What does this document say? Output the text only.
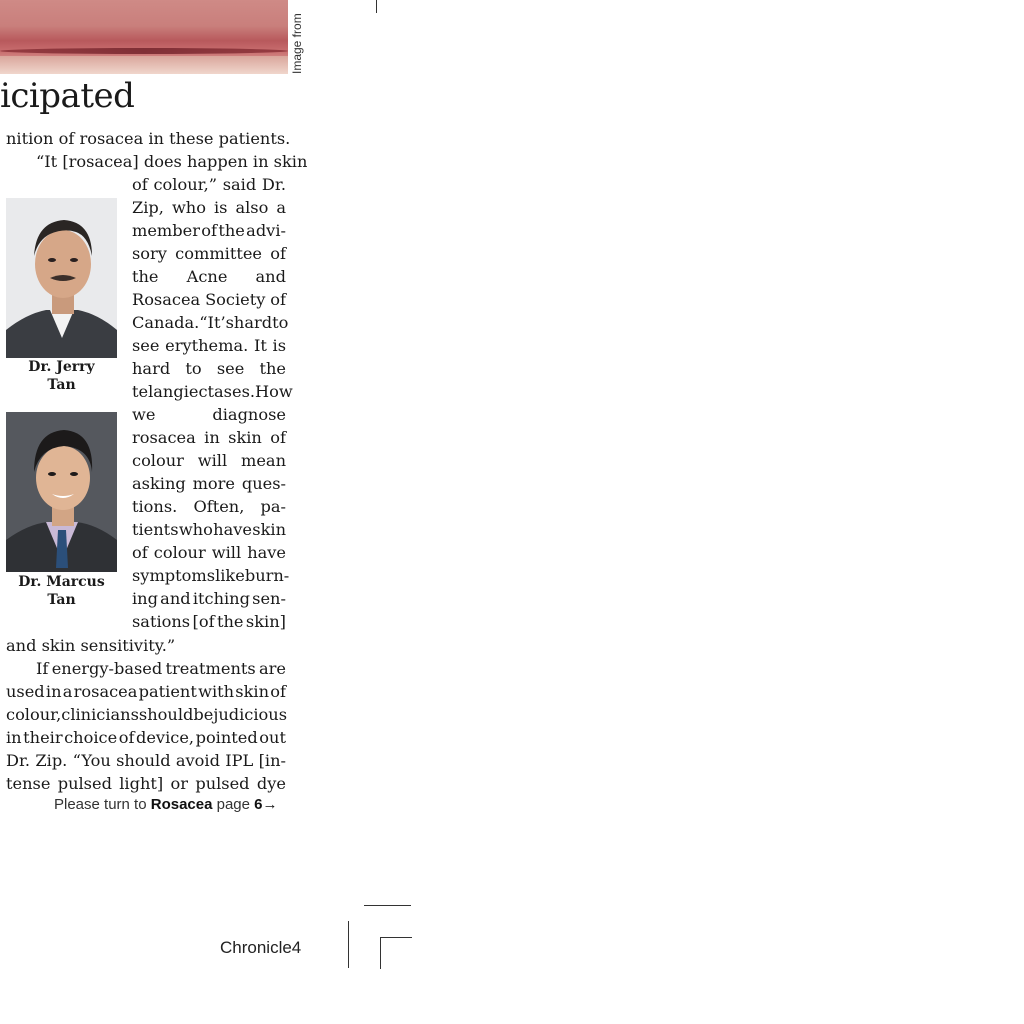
Image from
icipated
nition of rosacea in these patients.
“It [rosacea] does happen in skin
Dr. Jerry
Tan
Dr. Marcus
Tan
of colour,” said Dr.
Zip, who is also a
member of the advi-
sory committee of
the Acne and
Rosacea Society of
Canada. “It’s hard to
see erythema. It is
hard to see the
telangiectases. How
we	diagnose
rosacea in skin of
colour will mean
asking more ques-
tions. Often, pa-
tients who have skin
of colour will have
symptoms like burn-
ing and itching sen-
sations [of the skin]
and skin sensitivity.”
If energy-based treatments are
used in a rosacea patient with skin of
colour, clinicians should be judicious
in their choice of device, pointed out
Dr. Zip. “You should avoid IPL [in-
tense pulsed light] or pulsed dye
Please turn to Rosacea page 6→
Chronicle4
